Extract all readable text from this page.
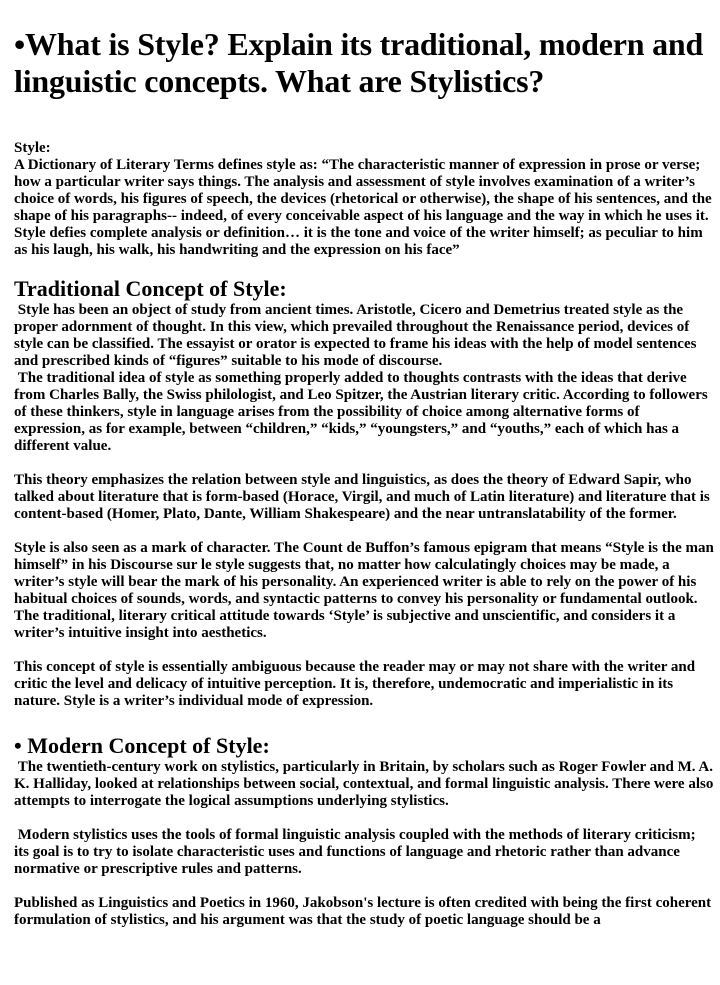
•What is Style? Explain its traditional, modern and linguistic concepts. What are Stylistics?

Style:

A Dictionary of Literary Terms defines style as: “The characteristic manner of expression in prose or verse; how a particular writer says things. The analysis and assessment of style involves examination of a writer’s choice of words, his figures of speech, the devices (rhetorical or otherwise), the shape of his sentences, and the shape of his paragraphs-- indeed, of every conceivable aspect of his language and the way in which he uses it. Style defies complete analysis or definition… it is the tone and voice of the writer himself; as peculiar to him as his laugh, his walk, his handwriting and the expression on his face”

Traditional Concept of Style:

Style has been an object of study from ancient times. Aristotle, Cicero and Demetrius treated style as the proper adornment of thought. In this view, which prevailed throughout the Renaissance period, devices of style can be classified. The essayist or orator is expected to frame his ideas with the help of model sentences and prescribed kinds of “figures” suitable to his mode of discourse.

The traditional idea of style as something properly added to thoughts contrasts with the ideas that derive from Charles Bally, the Swiss philologist, and Leo Spitzer, the Austrian literary critic. According to followers of these thinkers, style in language arises from the possibility of choice among alternative forms of expression, as for example, between “children,” “kids,” “youngsters,” and “youths,” each of which has a different value.

This theory emphasizes the relation between style and linguistics, as does the theory of Edward Sapir, who talked about literature that is form-based (Horace, Virgil, and much of Latin literature) and literature that is content-based (Homer, Plato, Dante, William Shakespeare) and the near untranslatability of the former.

Style is also seen as a mark of character. The Count de Buffon’s famous epigram that means “Style is the man himself” in his Discourse sur le style suggests that, no matter how calculatingly choices may be made, a writer’s style will bear the mark of his personality. An experienced writer is able to rely on the power of his habitual choices of sounds, words, and syntactic patterns to convey his personality or fundamental outlook. The traditional, literary critical attitude towards ‘Style’ is subjective and unscientific, and considers it a writer’s intuitive insight into aesthetics.

This concept of style is essentially ambiguous because the reader may or may not share with the writer and critic the level and delicacy of intuitive perception. It is, therefore, undemocratic and imperialistic in its nature. Style is a writer’s individual mode of expression.

• Modern Concept of Style:

The twentieth-century work on stylistics, particularly in Britain, by scholars such as Roger Fowler and M. A. K. Halliday, looked at relationships between social, contextual, and formal linguistic analysis. There were also attempts to interrogate the logical assumptions underlying stylistics.

Modern stylistics uses the tools of formal linguistic analysis coupled with the methods of literary criticism; its goal is to try to isolate characteristic uses and functions of language and rhetoric rather than advance normative or prescriptive rules and patterns.

Published as Linguistics and Poetics in 1960, Jakobson's lecture is often credited with being the first coherent formulation of stylistics, and his argument was that the study of poetic language should be a
